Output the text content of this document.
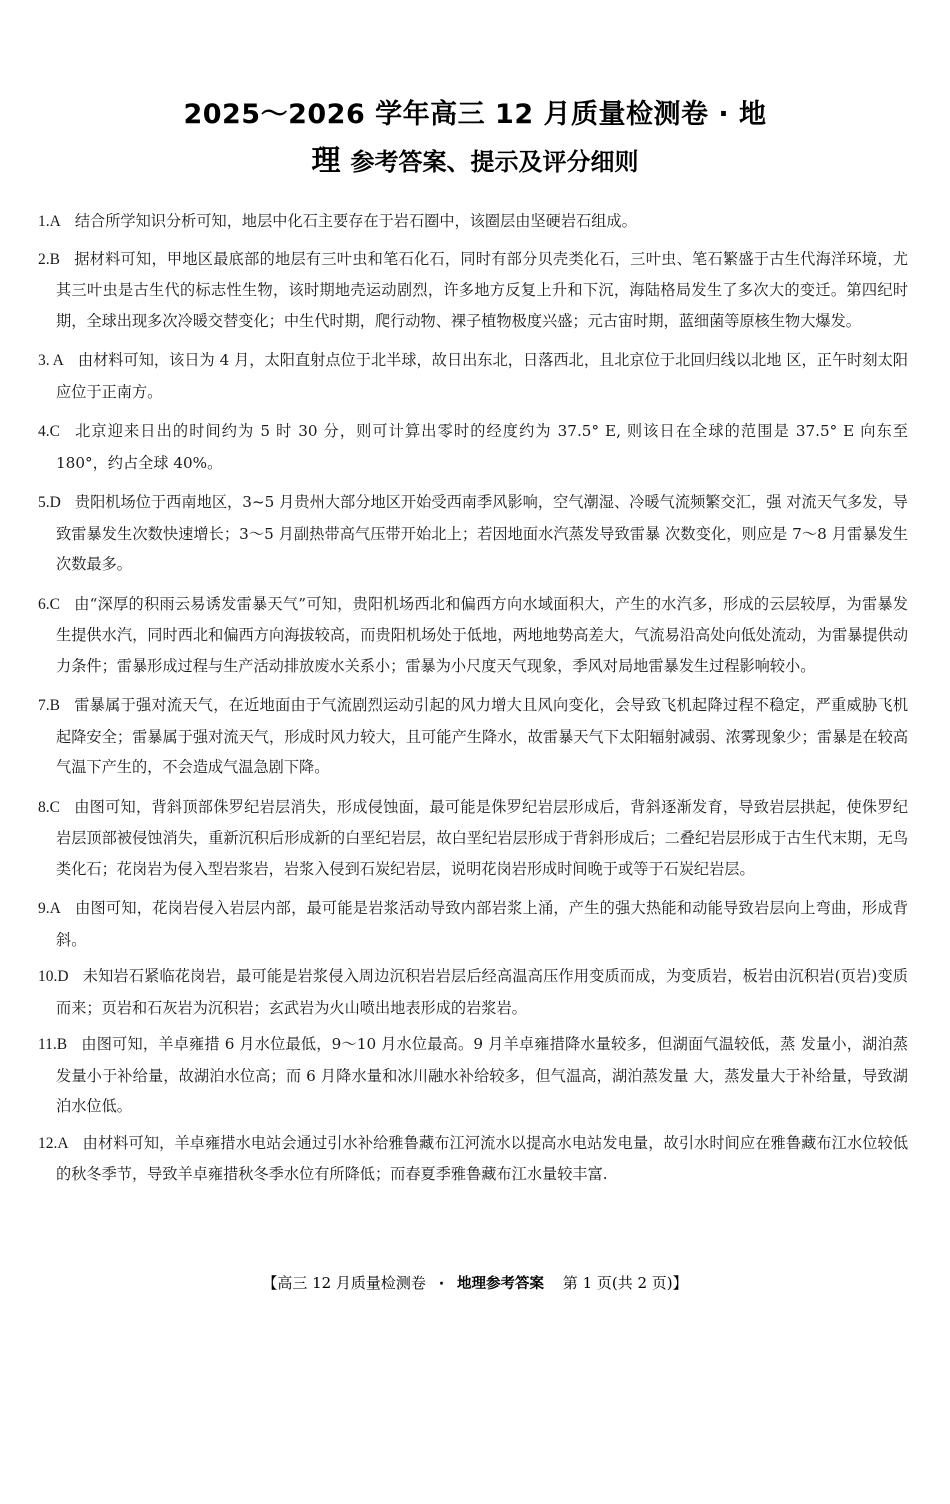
2025～2026 学年高三 12 月质量检测卷 · 地
理 参考答案、提示及评分细则
1.A 结合所学知识分析可知，地层中化石主要存在于岩石圈中，该圈层由坚硬岩石组成。
2.B 据材料可知，甲地区最底部的地层有三叶虫和笔石化石，同时有部分贝壳类化石，三叶虫、笔石繁盛于古生代海洋环境，尤其三叶虫是古生代的标志性生物，该时期地壳运动剧烈，许多地方反复上升和下沉，海陆格局发生了多次大的变迁。第四纪时期，全球出现多次冷暖交替变化；中生代时期，爬行动物、裸子植物极度兴盛；元古宙时期，蓝细菌等原核生物大爆发。
3. A 由材料可知，该日为 4 月，太阳直射点位于北半球，故日出东北，日落西北，且北京位于北回归线以北地 区，正午时刻太阳应位于正南方。
4.C 北京迎来日出的时间约为 5 时 30 分，则可计算出零时的经度约为 37.5° E, 则该日在全球的范围是 37.5° E 向东至 180°，约占全球 40%。
5.D 贵阳机场位于西南地区，3~5 月贵州大部分地区开始受西南季风影响，空气潮湿、冷暖气流频繁交汇，强 对流天气多发，导致雷暴发生次数快速增长；3～5 月副热带高气压带开始北上；若因地面水汽蒸发导致雷暴 次数变化，则应是 7～8 月雷暴发生次数最多。
6.C 由“深厚的积雨云易诱发雷暴天气”可知，贵阳机场西北和偏西方向水域面积大，产生的水汽多，形成的云层较厚，为雷暴发生提供水汽，同时西北和偏西方向海拔较高，而贵阳机场处于低地，两地地势高差大，气流易沿高处向低处流动，为雷暴提供动力条件；雷暴形成过程与生产活动排放废水关系小；雷暴为小尺度天气现象，季风对局地雷暴发生过程影响较小。
7.B 雷暴属于强对流天气，在近地面由于气流剧烈运动引起的风力增大且风向变化，会导致飞机起降过程不稳定，严重威胁飞机起降安全；雷暴属于强对流天气，形成时风力较大，且可能产生降水，故雷暴天气下太阳辐射减弱、浓雾现象少；雷暴是在较高气温下产生的，不会造成气温急剧下降。
8.C 由图可知，背斜顶部侏罗纪岩层消失，形成侵蚀面，最可能是侏罗纪岩层形成后，背斜逐渐发育，导致岩层拱起，使侏罗纪岩层顶部被侵蚀消失，重新沉积后形成新的白垩纪岩层，故白垩纪岩层形成于背斜形成后；二叠纪岩层形成于古生代末期，无鸟类化石；花岗岩为侵入型岩浆岩，岩浆入侵到石炭纪岩层，说明花岗岩形成时间晚于或等于石炭纪岩层。
9.A 由图可知，花岗岩侵入岩层内部，最可能是岩浆活动导致内部岩浆上涌，产生的强大热能和动能导致岩层向上弯曲，形成背斜。
10.D 未知岩石紧临花岗岩，最可能是岩浆侵入周边沉积岩岩层后经高温高压作用变质而成，为变质岩，板岩由沉积岩(页岩)变质而来；页岩和石灰岩为沉积岩；玄武岩为火山喷出地表形成的岩浆岩。
11.B 由图可知，羊卓雍措 6 月水位最低，9～10 月水位最高。9 月羊卓雍措降水量较多，但湖面气温较低，蒸 发量小，湖泊蒸发量小于补给量，故湖泊水位高；而 6 月降水量和冰川融水补给较多，但气温高，湖泊蒸发量 大，蒸发量大于补给量，导致湖泊水位低。
12.A 由材料可知，羊卓雍措水电站会通过引水补给雅鲁藏布江河流水以提高水电站发电量，故引水时间应在雅鲁藏布江水位较低的秋冬季节，导致羊卓雍措秋冬季水位有所降低；而春夏季雅鲁藏布江水量较丰富.
【高三 12 月质量检测卷 · 地理参考答案 第 1 页(共 2 页)】
